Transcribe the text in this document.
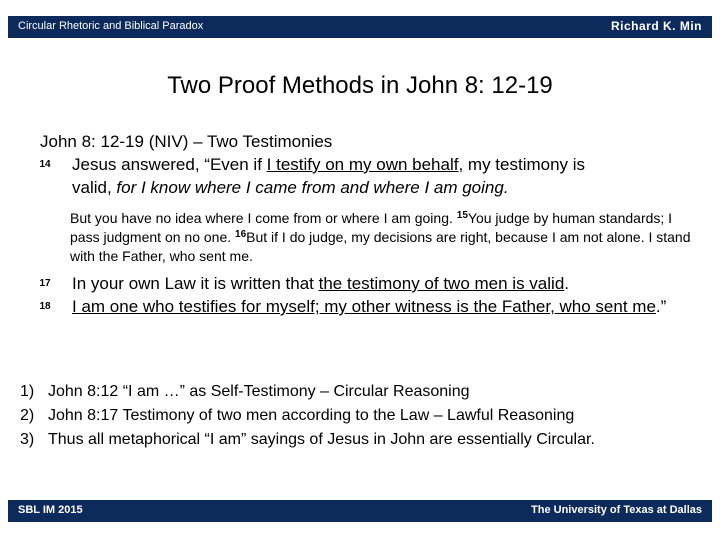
Circular Rhetoric and Biblical Paradox	Richard K. Min
Two Proof Methods in John 8: 12-19
John 8: 12-19 (NIV) – Two Testimonies
14 Jesus answered, “Even if I testify on my own behalf, my testimony is
valid, for I know where I came from and where I am going.
But you have no idea where I come from or where I am going. $^{15}$You judge by human standards; I pass judgment on no one. $^{16}$But if I do judge, my decisions are right, because I am not alone. I stand with the Father, who sent me.
17 In your own Law it is written that the testimony of two men is valid.
18 I am one who testifies for myself; my other witness is the Father, who sent me.”
1) John 8:12 “I am …” as Self-Testimony – Circular Reasoning
2) John 8:17 Testimony of two men according to the Law – Lawful Reasoning
3) Thus all metaphorical “I am” sayings of Jesus in John are essentially Circular.
SBL IM 2015	The University of Texas at Dallas
